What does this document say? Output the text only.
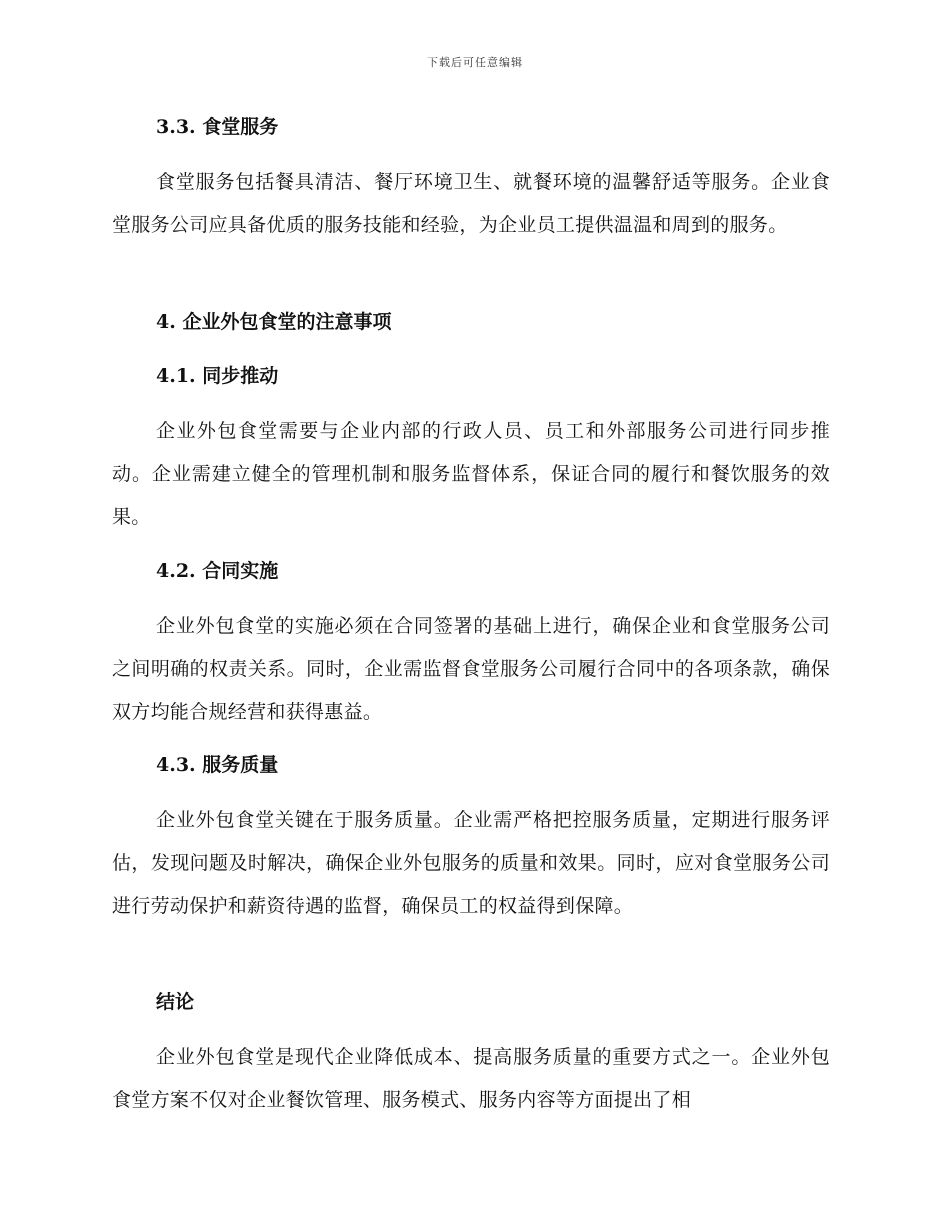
下载后可任意编辑
3.3. 食堂服务
食堂服务包括餐具清洁、餐厅环境卫生、就餐环境的温馨舒适等服务。企业食堂服务公司应具备优质的服务技能和经验，为企业员工提供温温和周到的服务。
4. 企业外包食堂的注意事项
4.1. 同步推动
企业外包食堂需要与企业内部的行政人员、员工和外部服务公司进行同步推动。企业需建立健全的管理机制和服务监督体系，保证合同的履行和餐饮服务的效果。
4.2. 合同实施
企业外包食堂的实施必须在合同签署的基础上进行，确保企业和食堂服务公司之间明确的权责关系。同时，企业需监督食堂服务公司履行合同中的各项条款，确保双方均能合规经营和获得惠益。
4.3. 服务质量
企业外包食堂关键在于服务质量。企业需严格把控服务质量，定期进行服务评估，发现问题及时解决，确保企业外包服务的质量和效果。同时，应对食堂服务公司进行劳动保护和薪资待遇的监督，确保员工的权益得到保障。
结论
企业外包食堂是现代企业降低成本、提高服务质量的重要方式之一。企业外包食堂方案不仅对企业餐饮管理、服务模式、服务内容等方面提出了相
